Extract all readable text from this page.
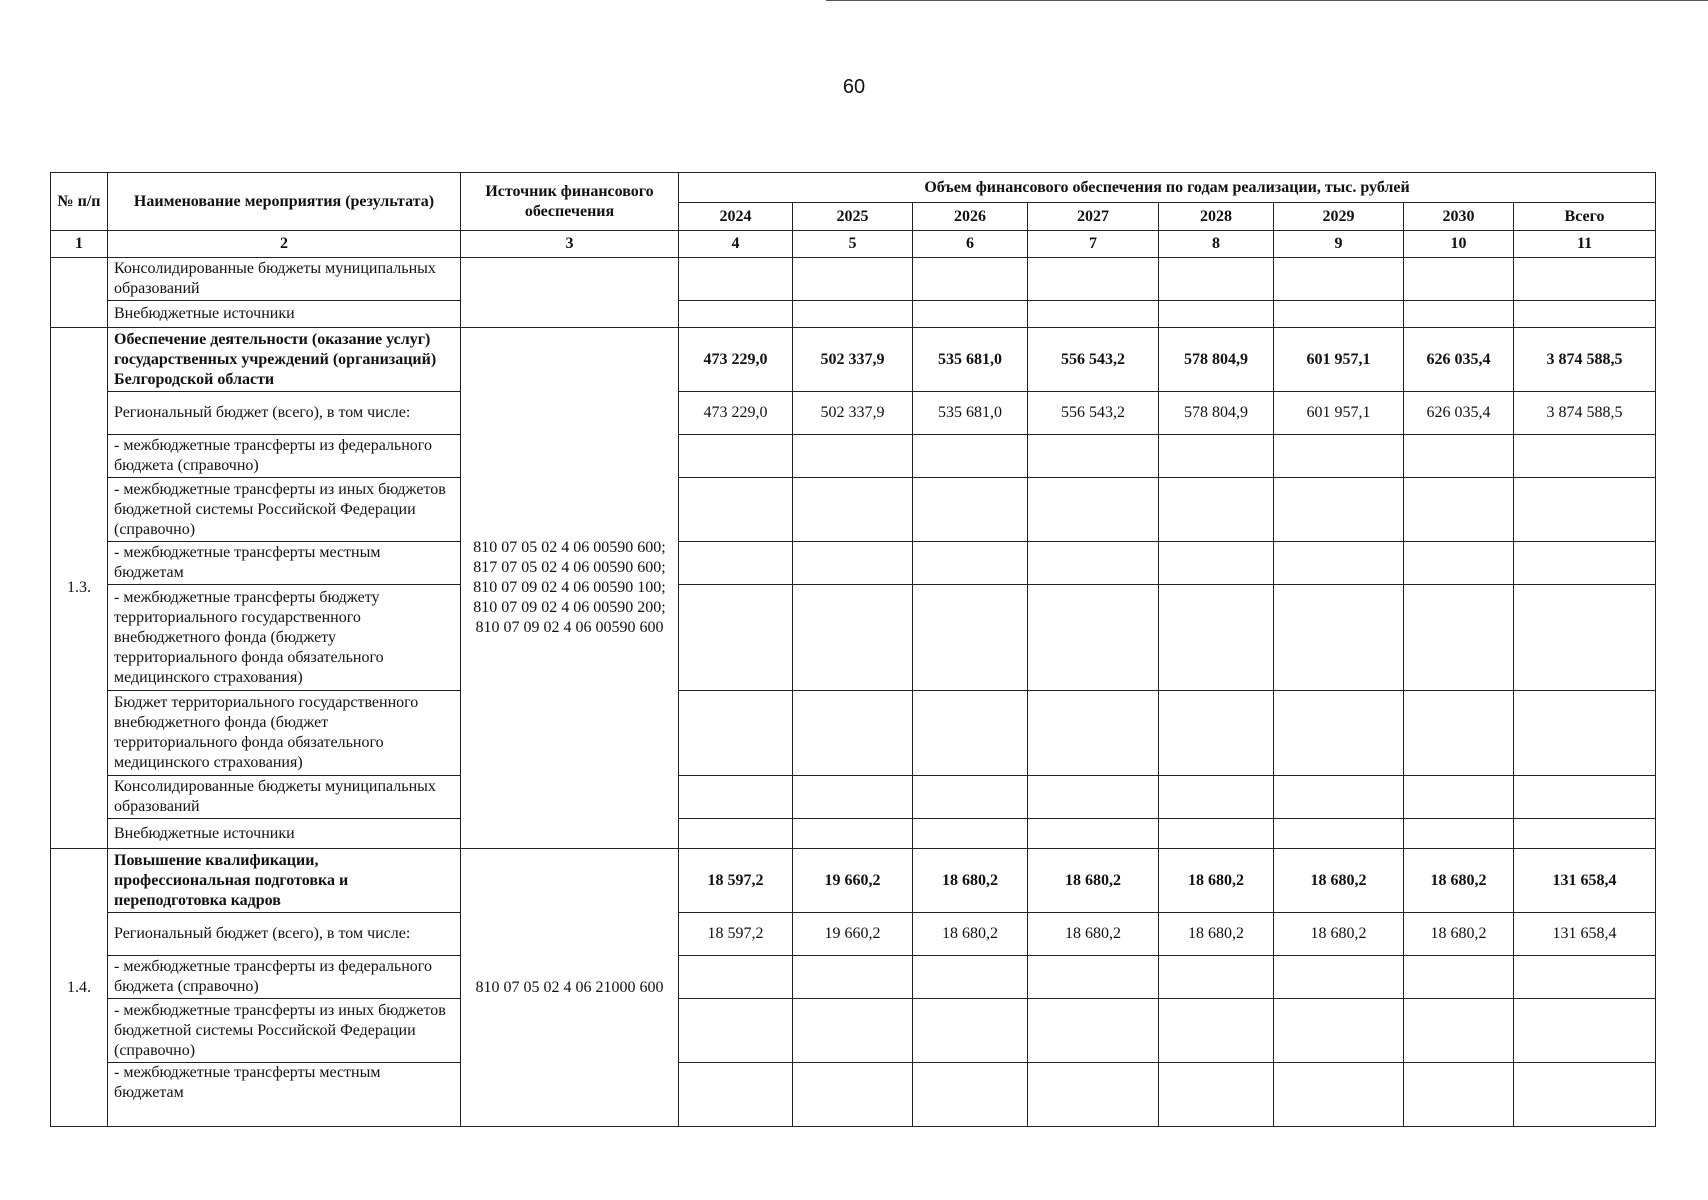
60
№ п/п	Наименование мероприятия (результата)	Источник финансового обеспечения	Объем финансового обеспечения по годам реализации, тыс. рублей							
			2024	2025	2026	2027	2028	2029	2030	Всего
1	2	3	4	5	6	7	8	9	10	11
	Консолидированные бюджеты муниципальных образований									
	Внебюджетные источники									
1.3.	Обеспечение деятельности (оказание услуг) государственных учреждений (организаций) Белгородской области	810 07 05 02 4 06 00590 600; 817 07 05 02 4 06 00590 600; 810 07 09 02 4 06 00590 100; 810 07 09 02 4 06 00590 200; 810 07 09 02 4 06 00590 600	473 229,0	502 337,9	535 681,0	556 543,2	578 804,9	601 957,1	626 035,4	3 874 588,5
	Региональный бюджет (всего), в том числе:		473 229,0	502 337,9	535 681,0	556 543,2	578 804,9	601 957,1	626 035,4	3 874 588,5
	- межбюджетные трансферты из федерального бюджета (справочно)									
	- межбюджетные трансферты из иных бюджетов бюджетной системы Российской Федерации (справочно)									
	- межбюджетные трансферты местным бюджетам									
	- межбюджетные трансферты бюджету территориального государственного внебюджетного фонда (бюджету территориального фонда обязательного медицинского страхования)									
	Бюджет территориального государственного внебюджетного фонда (бюджет территориального фонда обязательного медицинского страхования)									
	Консолидированные бюджеты муниципальных образований									
	Внебюджетные источники									
1.4.	Повышение квалификации, профессиональная подготовка и переподготовка кадров	810 07 05 02 4 06 21000 600	18 597,2	19 660,2	18 680,2	18 680,2	18 680,2	18 680,2	18 680,2	131 658,4
	Региональный бюджет (всего), в том числе:		18 597,2	19 660,2	18 680,2	18 680,2	18 680,2	18 680,2	18 680,2	131 658,4
	- межбюджетные трансферты из федерального бюджета (справочно)									
	- межбюджетные трансферты из иных бюджетов бюджетной системы Российской Федерации (справочно)									
	- межбюджетные трансферты местным бюджетам									
